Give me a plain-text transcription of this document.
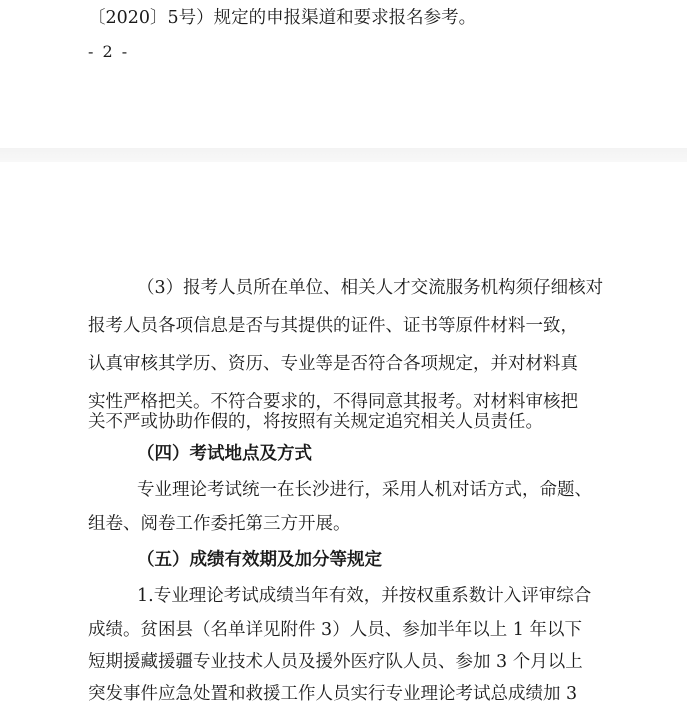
〔2020〕5号）规定的申报渠道和要求报名参考。
- 2 -
（3）报考人员所在单位、相关人才交流服务机构须仔细核对
报考人员各项信息是否与其提供的证件、证书等原件材料一致，
认真审核其学历、资历、专业等是否符合各项规定，并对材料真
实性严格把关。不符合要求的，不得同意其报考。对材料审核把
关不严或协助作假的，将按照有关规定追究相关人员责任。
（四）考试地点及方式
专业理论考试统一在长沙进行，采用人机对话方式，命题、
组卷、阅卷工作委托第三方开展。
（五）成绩有效期及加分等规定
1.专业理论考试成绩当年有效，并按权重系数计入评审综合
成绩。贫困县（名单详见附件 3）人员、参加半年以上 1 年以下
短期援藏援疆专业技术人员及援外医疗队人员、参加 3 个月以上
突发事件应急处置和救援工作人员实行专业理论考试总成绩加 3
